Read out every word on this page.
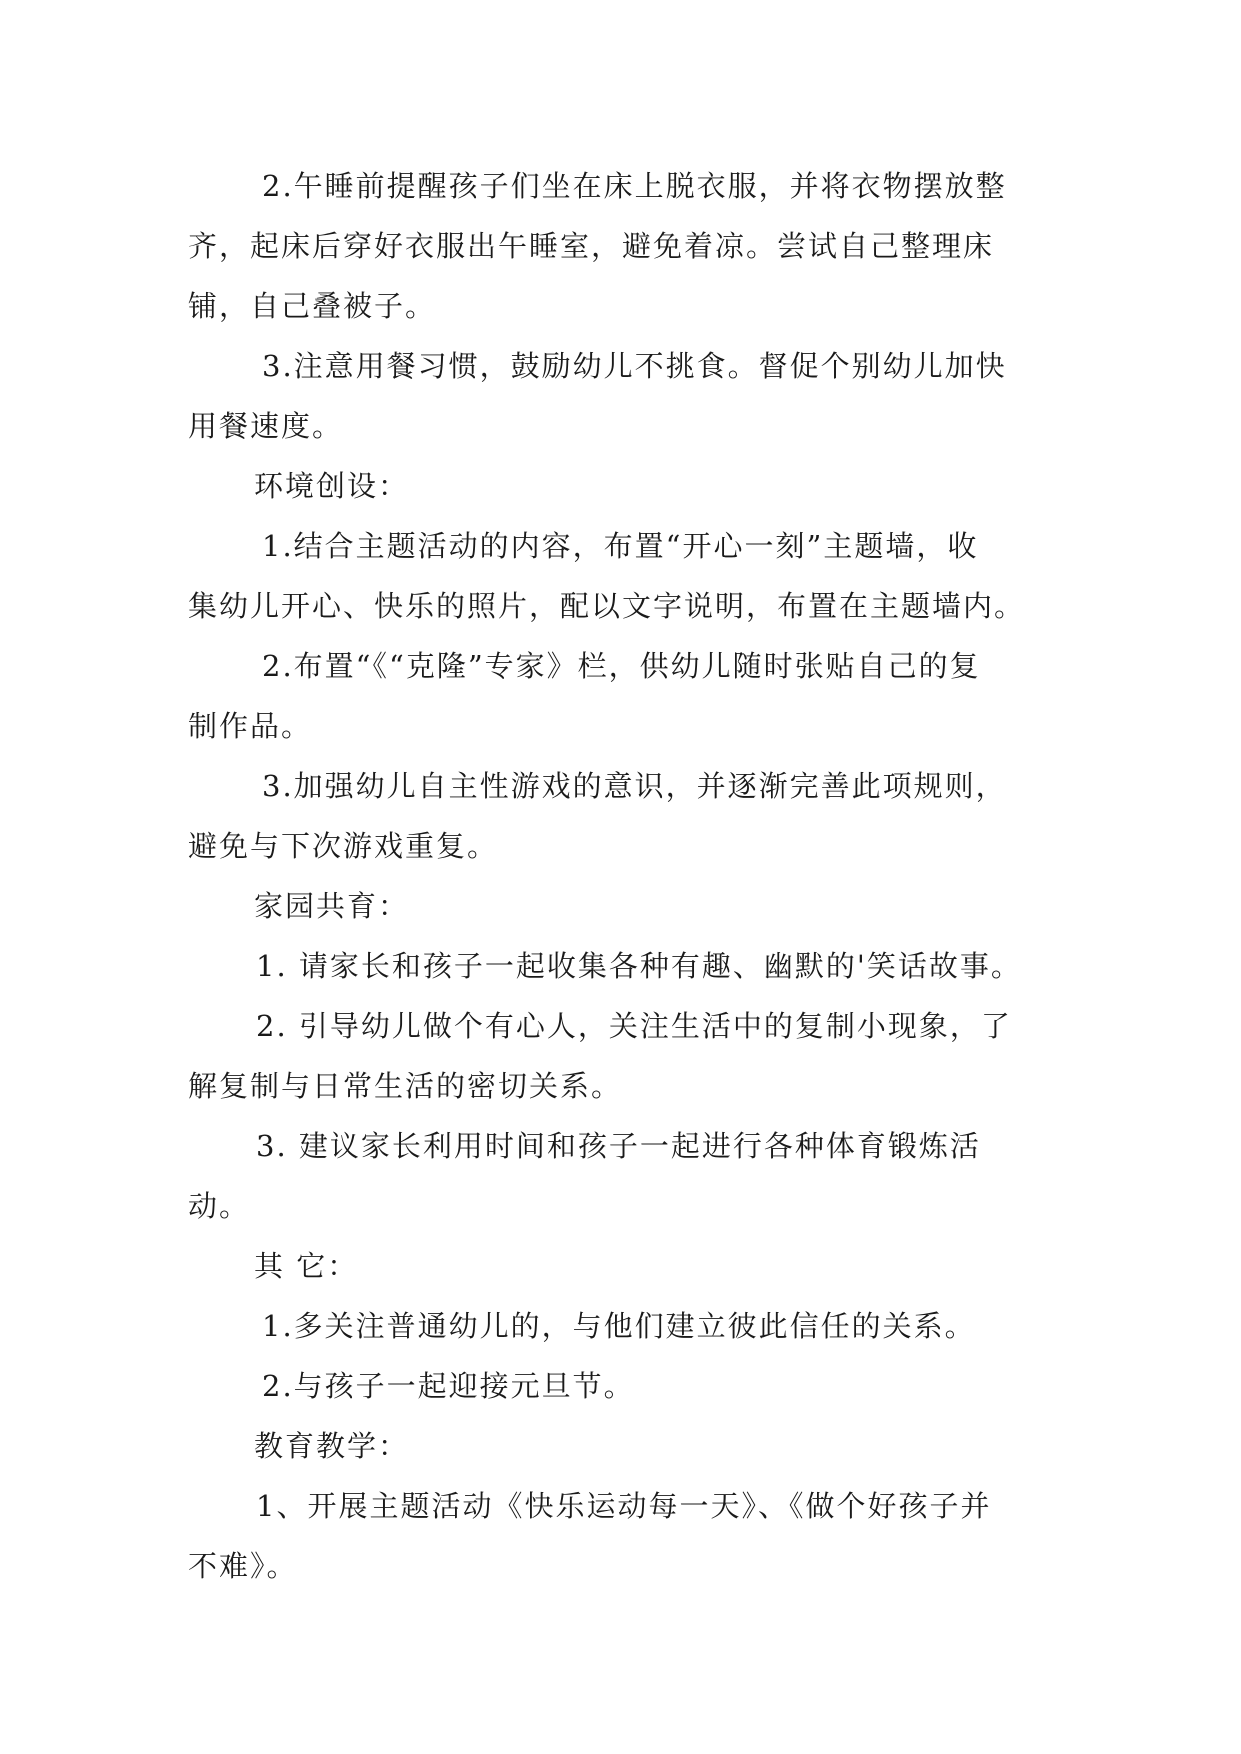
2.午睡前提醒孩子们坐在床上脱衣服，并将衣物摆放整
齐，起床后穿好衣服出午睡室，避免着凉。尝试自己整理床
铺，自己叠被子。
3.注意用餐习惯，鼓励幼儿不挑食。督促个别幼儿加快
用餐速度。
环境创设：
1.结合主题活动的内容，布置“开心一刻”主题墙，收
集幼儿开心、快乐的照片，配以文字说明，布置在主题墙内。
2.布置“《“克隆”专家》栏，供幼儿随时张贴自己的复
制作品。
3.加强幼儿自主性游戏的意识，并逐渐完善此项规则，
避免与下次游戏重复。
家园共育：
1. 请家长和孩子一起收集各种有趣、幽默的'笑话故事。
2. 引导幼儿做个有心人，关注生活中的复制小现象，了
解复制与日常生活的密切关系。
3. 建议家长利用时间和孩子一起进行各种体育锻炼活
动。
其 它：
1.多关注普通幼儿的，与他们建立彼此信任的关系。
2.与孩子一起迎接元旦节。
教育教学：
1、开展主题活动《快乐运动每一天》、《做个好孩子并
不难》。
